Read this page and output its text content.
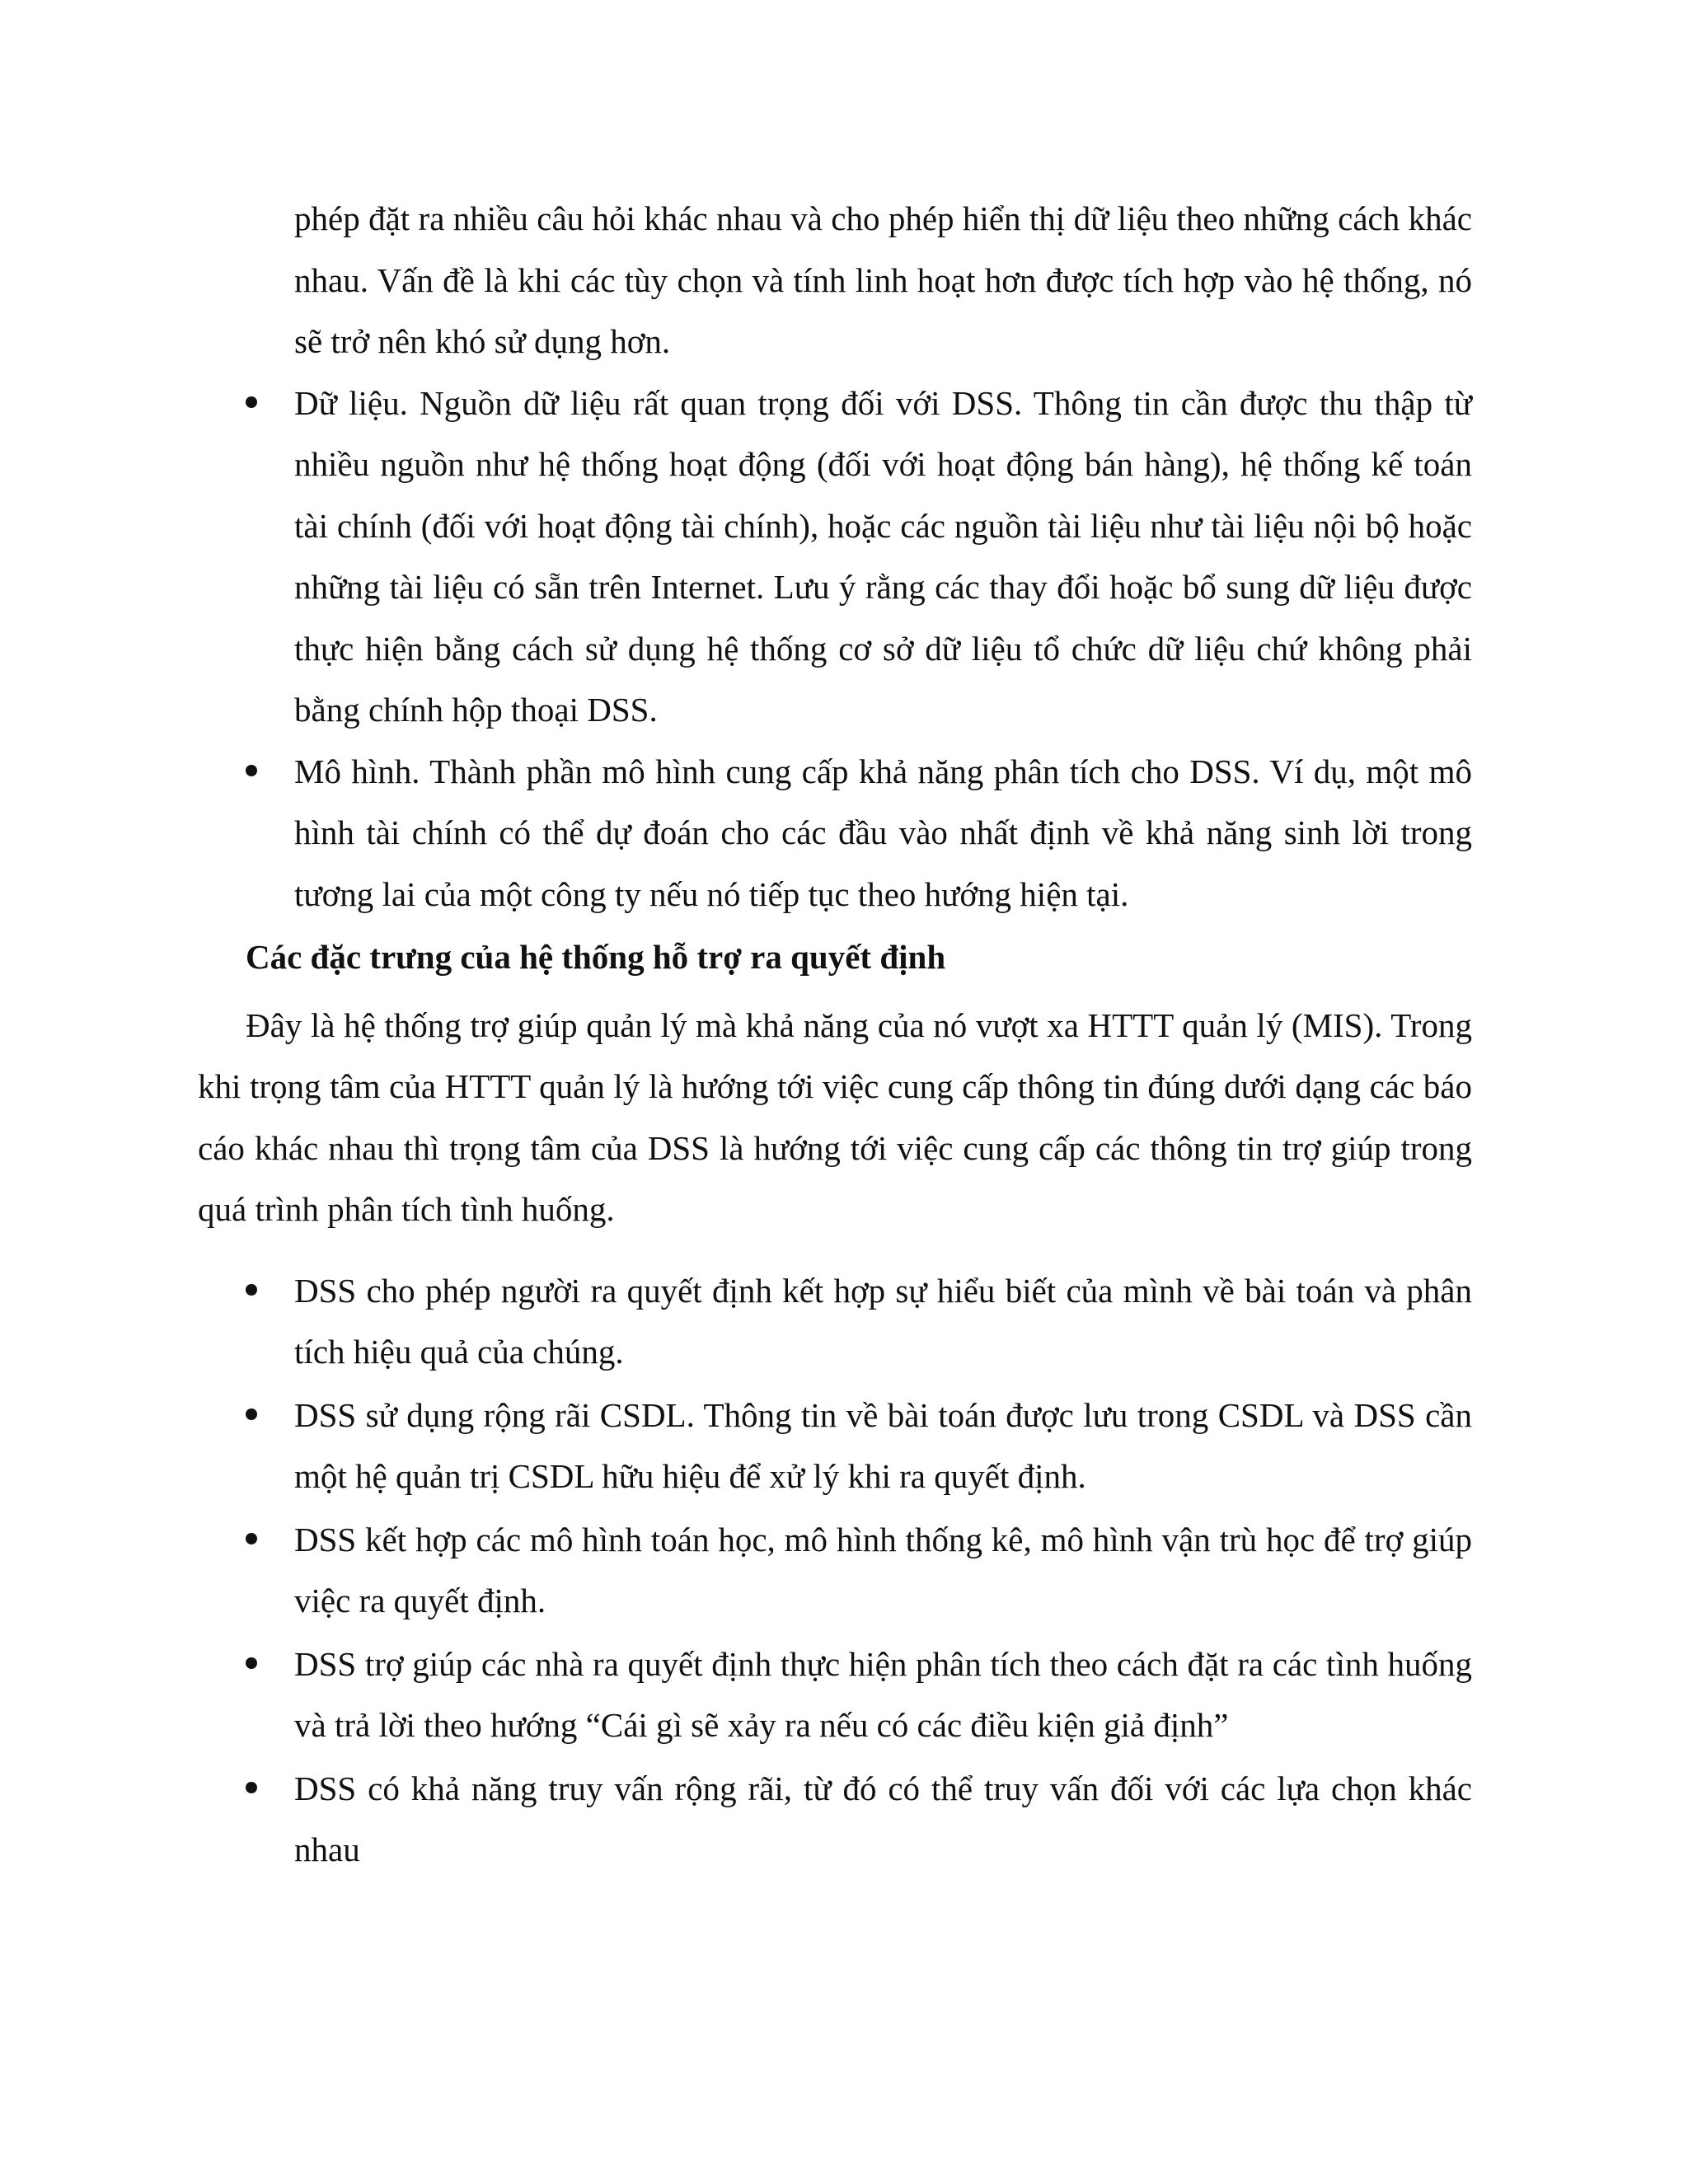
phép đặt ra nhiều câu hỏi khác nhau và cho phép hiển thị dữ liệu theo những cách khác nhau. Vấn đề là khi các tùy chọn và tính linh hoạt hơn được tích hợp vào hệ thống, nó sẽ trở nên khó sử dụng hơn.

Dữ liệu. Nguồn dữ liệu rất quan trọng đối với DSS. Thông tin cần được thu thập từ nhiều nguồn như hệ thống hoạt động (đối với hoạt động bán hàng), hệ thống kế toán tài chính (đối với hoạt động tài chính), hoặc các nguồn tài liệu như tài liệu nội bộ hoặc những tài liệu có sẵn trên Internet. Lưu ý rằng các thay đổi hoặc bổ sung dữ liệu được thực hiện bằng cách sử dụng hệ thống cơ sở dữ liệu tổ chức dữ liệu chứ không phải bằng chính hộp thoại DSS.
Mô hình. Thành phần mô hình cung cấp khả năng phân tích cho DSS. Ví dụ, một mô hình tài chính có thể dự đoán cho các đầu vào nhất định về khả năng sinh lời trong tương lai của một công ty nếu nó tiếp tục theo hướng hiện tại.

Các đặc trưng của hệ thống hỗ trợ ra quyết định

Đây là hệ thống trợ giúp quản lý mà khả năng của nó vượt xa HTTT quản lý (MIS). Trong khi trọng tâm của HTTT quản lý là hướng tới việc cung cấp thông tin đúng dưới dạng các báo cáo khác nhau thì trọng tâm của DSS là hướng tới việc cung cấp các thông tin trợ giúp trong quá trình phân tích tình huống.

DSS cho phép người ra quyết định kết hợp sự hiểu biết của mình về bài toán và phân tích hiệu quả của chúng.
DSS sử dụng rộng rãi CSDL. Thông tin về bài toán được lưu trong CSDL và DSS cần một hệ quản trị CSDL hữu hiệu để xử lý khi ra quyết định.
DSS kết hợp các mô hình toán học, mô hình thống kê, mô hình vận trù học để trợ giúp việc ra quyết định.
DSS trợ giúp các nhà ra quyết định thực hiện phân tích theo cách đặt ra các tình huống và trả lời theo hướng “Cái gì sẽ xảy ra nếu có các điều kiện giả định”
DSS có khả năng truy vấn rộng rãi, từ đó có thể truy vấn đối với các lựa chọn khác nhau
